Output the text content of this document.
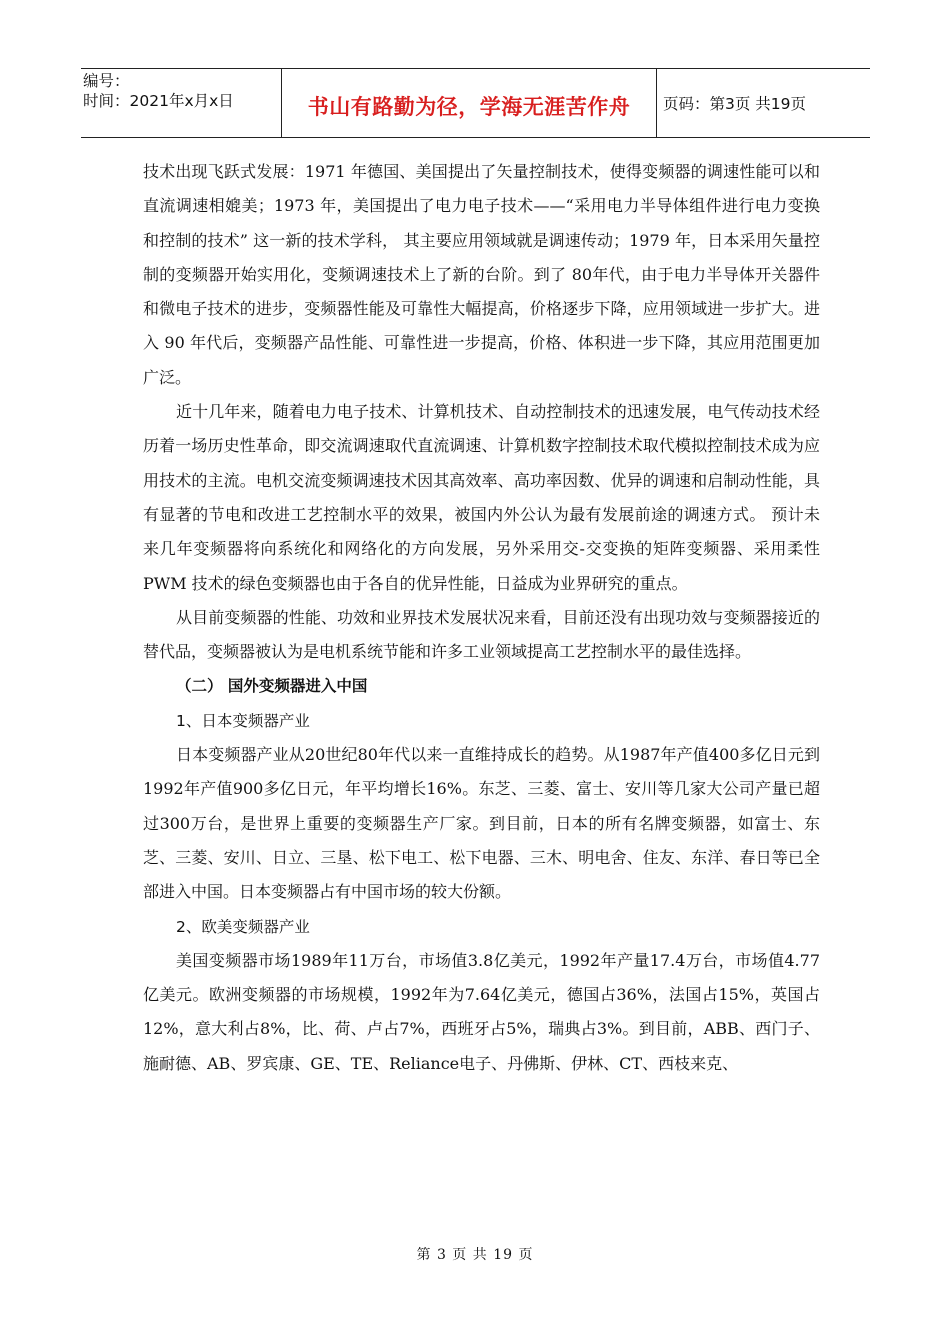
编号：
时间：2021年x月x日	书山有路勤为径，学海无涯苦作舟	页码：第3页 共19页

技术出现飞跃式发展：1971 年德国、美国提出了矢量控制技术，使得变频器的调速性能可以和直流调速相媲美；1973 年，美国提出了电力电子技术——“采用电力半导体组件进行电力变换和控制的技术” 这一新的技术学科， 其主要应用领域就是调速传动；1979 年，日本采用矢量控制的变频器开始实用化，变频调速技术上了新的台阶。到了 80年代，由于电力半导体开关器件和微电子技术的进步，变频器性能及可靠性大幅提高，价格逐步下降，应用领域进一步扩大。进入 90 年代后，变频器产品性能、可靠性进一步提高，价格、体积进一步下降，其应用范围更加广泛。

近十几年来，随着电力电子技术、计算机技术、自动控制技术的迅速发展，电气传动技术经历着一场历史性革命，即交流调速取代直流调速、计算机数字控制技术取代模拟控制技术成为应用技术的主流。电机交流变频调速技术因其高效率、高功率因数、优异的调速和启制动性能，具有显著的节电和改进工艺控制水平的效果，被国内外公认为最有发展前途的调速方式。 预计未来几年变频器将向系统化和网络化的方向发展，另外采用交-交变换的矩阵变频器、采用柔性 PWM 技术的绿色变频器也由于各自的优异性能，日益成为业界研究的重点。

从目前变频器的性能、功效和业界技术发展状况来看，目前还没有出现功效与变频器接近的替代品，变频器被认为是电机系统节能和许多工业领域提高工艺控制水平的最佳选择。

（二） 国外变频器进入中国

1、日本变频器产业

日本变频器产业从20世纪80年代以来一直维持成长的趋势。从1987年产值400多亿日元到1992年产值900多亿日元，年平均增长16%。东芝、三菱、富士、安川等几家大公司产量已超过300万台，是世界上重要的变频器生产厂家。到目前，日本的所有名牌变频器，如富士、东芝、三菱、安川、日立、三垦、松下电工、松下电器、三木、明电舍、住友、东洋、春日等已全部进入中国。日本变频器占有中国市场的较大份额。

2、欧美变频器产业

美国变频器市场1989年11万台，市场值3.8亿美元，1992年产量17.4万台，市场值4.77亿美元。欧洲变频器的市场规模，1992年为7.64亿美元，德国占36%，法国占15%，英国占12%，意大利占8%，比、荷、卢占7%，西班牙占5%，瑞典占3%。到目前，ABB、西门子、施耐德、AB、罗宾康、GE、TE、Reliance电子、丹佛斯、伊林、CT、西枝来克、

第 3 页 共 19 页
